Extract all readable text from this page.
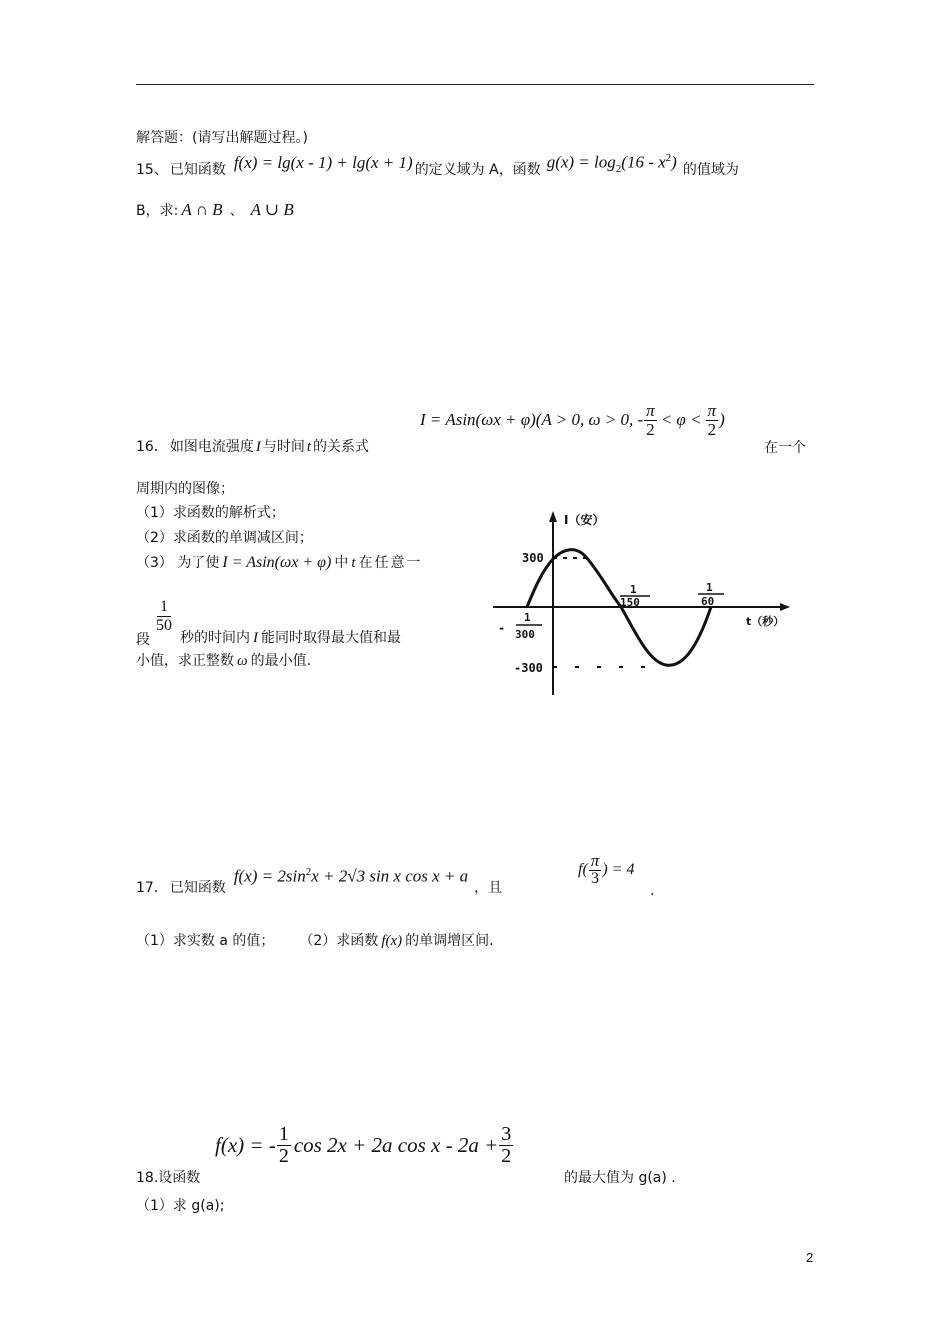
解答题：(请写出解题过程。)
15、 已知函数 f(x) = lg(x - 1) + lg(x + 1) 的定义域为 A，函数 $g(x) = \log_2(16 - x^2)$ 的值域为
B，求: A ∩ B 、 A ∪ B
I = Asin(ωx + φ)(A > 0, ω > 0, - $\frac{\pi}{2} < \varphi < \frac{\pi}{2}$ )
16． 如图电流强度 I 与时间 t 的关系式	在一个
周期内的图像；
（1）求函数的解析式；
（2）求函数的单调减区间；
（3） 为了使 I = Asin(ωx + φ) 中 t 在任意一
1
50
段 秒的时间内 I 能同时取得最大值和最
小值，求正整数 ω 的最小值.
I（安）
t（秒）
300
-300
-
1
300
1
150
1
60
17． 已知函数
$f(x) = 2\sin^2x + 2√3$ sin x cos x + a
，且
$f( \frac{\pi}{3}$ ) = 4
.
（1）求实数 a 的值； （2）求函数 f(x) 的单调增区间.
f(x) = - $\frac{1}{2}$ cos 2x + 2a $\cos x - 2a + \frac{3}{2}$
18. 设函数	的最大值为 g(a) .
（1）求 g(a);
2
